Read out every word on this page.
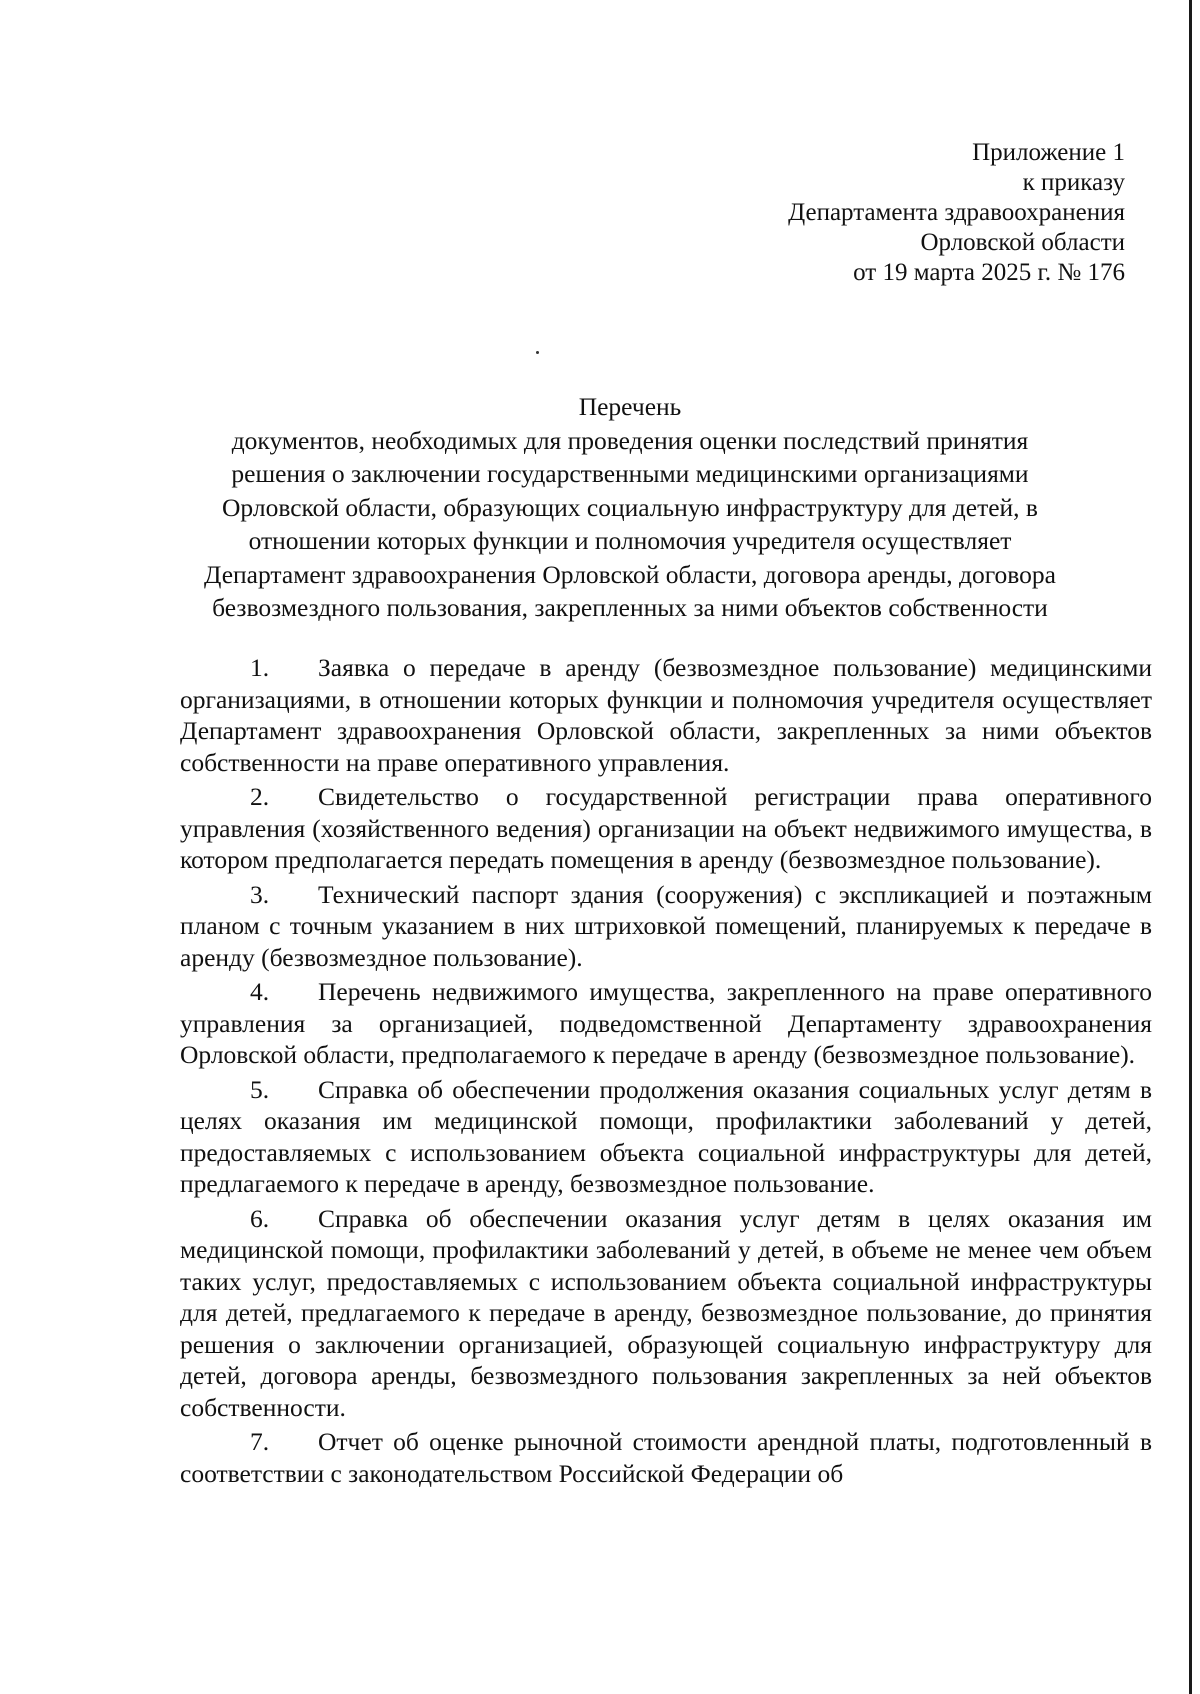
Приложение 1
к приказу
Департамента здравоохранения
Орловской области
от 19 марта 2025 г. № 176
Перечень
документов, необходимых для проведения оценки последствий принятия
решения о заключении государственными медицинскими организациями
Орловской области, образующих социальную инфраструктуру для детей, в
отношении которых функции и полномочия учредителя осуществляет
Департамент здравоохранения Орловской области, договора аренды, договора
безвозмездного пользования, закрепленных за ними объектов собственности

1. Заявка о передаче в аренду (безвозмездное пользование) медицинскими организациями, в отношении которых функции и полномочия учредителя осуществляет Департамент здравоохранения Орловской области, закрепленных за ними объектов собственности на праве оперативного управления.

2. Свидетельство о государственной регистрации права оперативного управления (хозяйственного ведения) организации на объект недвижимого имущества, в котором предполагается передать помещения в аренду (безвозмездное пользование).

3. Технический паспорт здания (сооружения) с экспликацией и поэтажным планом с точным указанием в них штриховкой помещений, планируемых к передаче в аренду (безвозмездное пользование).

4. Перечень недвижимого имущества, закрепленного на праве оперативного управления за организацией, подведомственной Департаменту здравоохранения Орловской области, предполагаемого к передаче в аренду (безвозмездное пользование).

5. Справка об обеспечении продолжения оказания социальных услуг детям в целях оказания им медицинской помощи, профилактики заболеваний у детей, предоставляемых с использованием объекта социальной инфраструктуры для детей, предлагаемого к передаче в аренду, безвозмездное пользование.

6. Справка об обеспечении оказания услуг детям в целях оказания им медицинской помощи, профилактики заболеваний у детей, в объеме не менее чем объем таких услуг, предоставляемых с использованием объекта социальной инфраструктуры для детей, предлагаемого к передаче в аренду, безвозмездное пользование, до принятия решения о заключении организацией, образующей социальную инфраструктуру для детей, договора аренды, безвозмездного пользования закрепленных за ней объектов собственности.

7. Отчет об оценке рыночной стоимости арендной платы, подготовленный в соответствии с законодательством Российской Федерации об
